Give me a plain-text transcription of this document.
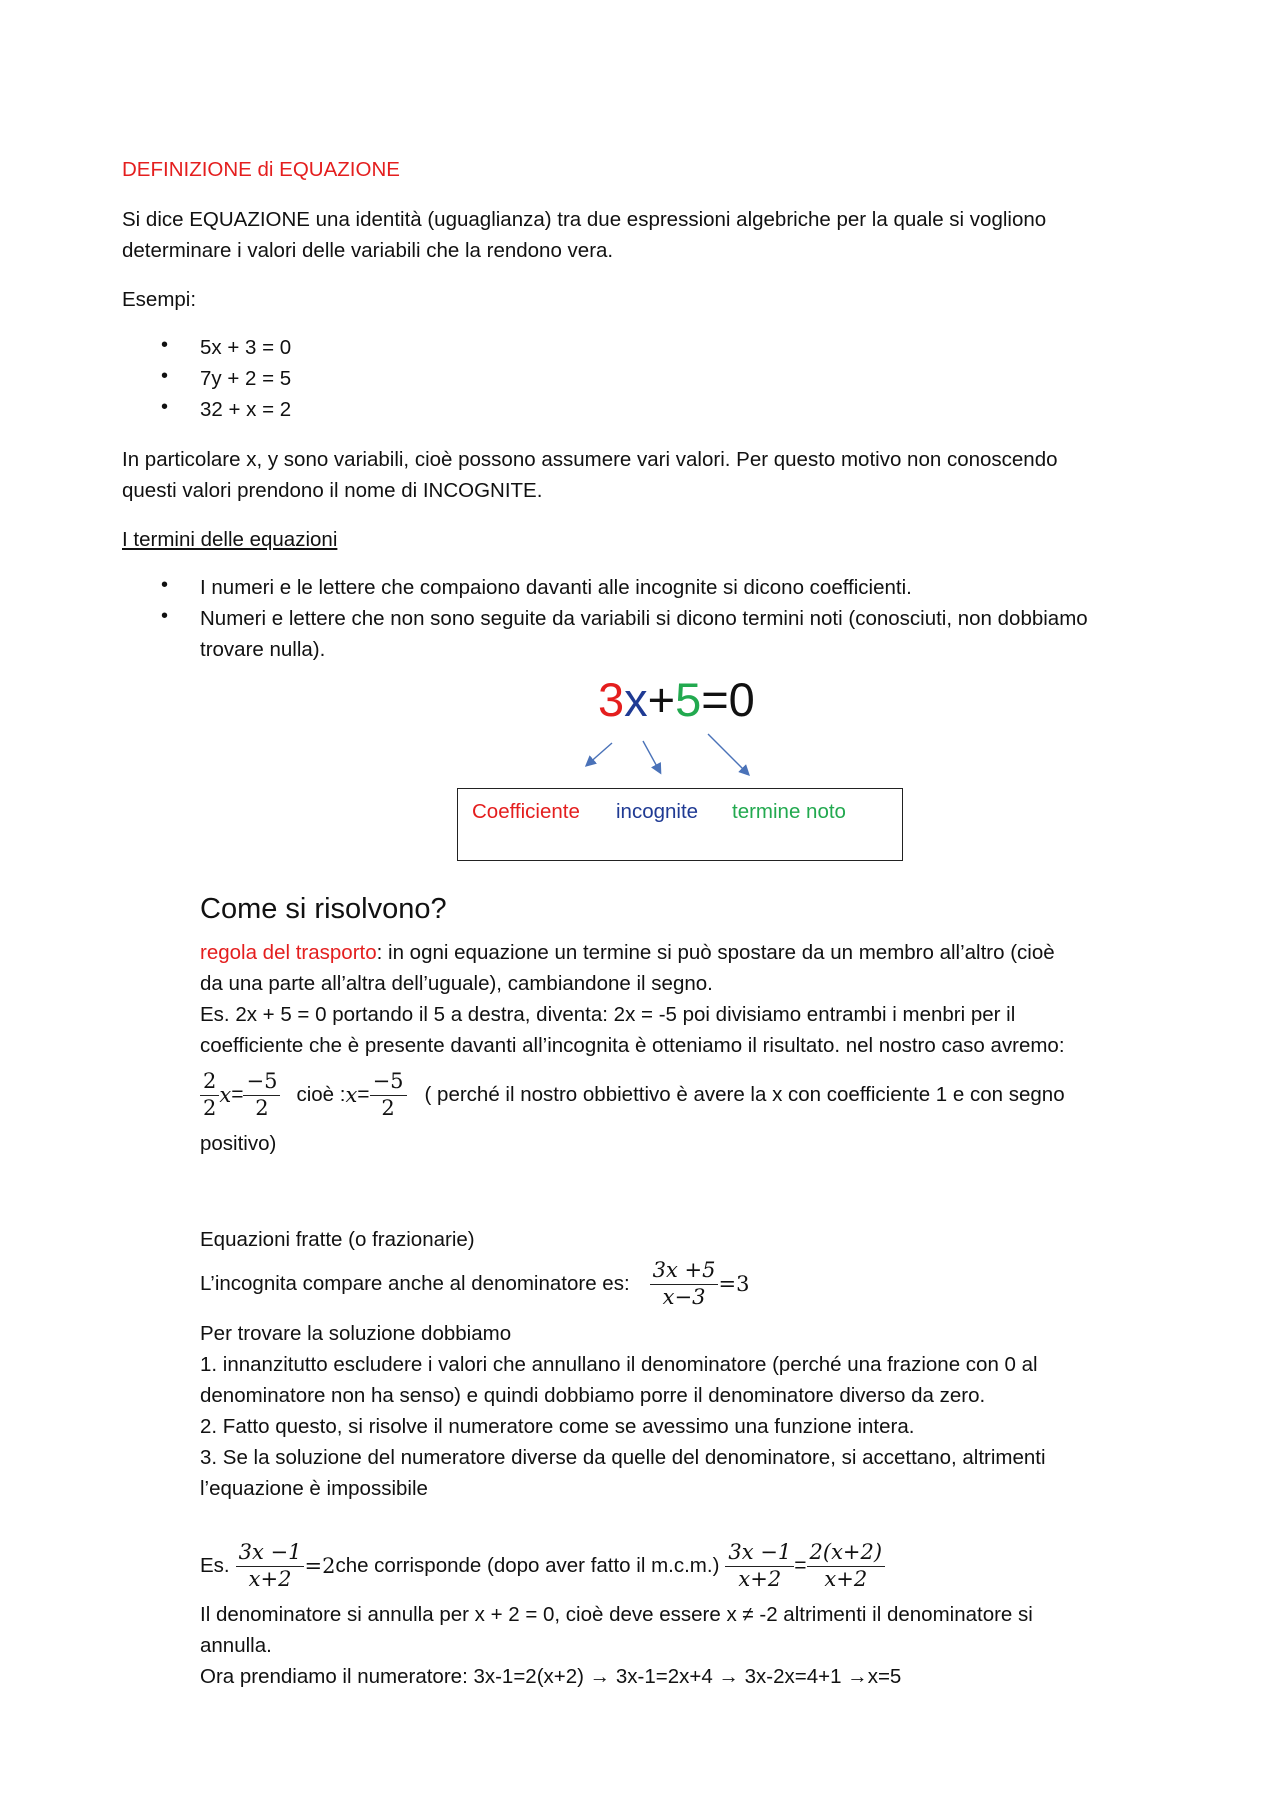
DEFINIZIONE di EQUAZIONE
Si dice EQUAZIONE una identità (uguaglianza) tra due espressioni algebriche per la quale si vogliono
determinare i valori delle variabili che la rendono vera.
Esempi:
• 5x + 3 = 0
• 7y + 2 = 5
• 32 + x = 2
In particolare x, y sono variabili, cioè possono assumere vari valori. Per questo motivo non conoscendo
questi valori prendono il nome di INCOGNITE.
I termini delle equazioni
• I numeri e le lettere che compaiono davanti alle incognite si dicono coefficienti.
• Numeri e lettere che non sono seguite da variabili si dicono termini noti (conosciuti, non dobbiamo
trovare nulla).
3x+5=0
Coefficiente incognite termine noto
Come si risolvono?
regola del trasporto: in ogni equazione un termine si può spostare da un membro all’altro (cioè
da una parte all’altra dell’uguale), cambiandone il segno.
Es. 2x + 5 = 0 portando il 5 a destra, diventa: 2x = -5 poi divisiamo entrambi i menbri per il
coefficiente che è presente davanti all’incognita è otteniamo il risultato. nel nostro caso avremo:
$\frac{2}{2}$ $x = \frac{-5}{2}$ cioè : $x = \frac{-5}{2}$ ( perché il nostro obbiettivo è avere la x con coefficiente 1 e con segno
positivo)
Equazioni fratte (o frazionarie)
L’incognita compare anche al denominatore es: $\frac{3x +5}{x-3} =3$
Per trovare la soluzione dobbiamo
1. innanzitutto escludere i valori che annullano il denominatore (perché una frazione con 0 al
denominatore non ha senso) e quindi dobbiamo porre il denominatore diverso da zero.
2. Fatto questo, si risolve il numeratore come se avessimo una funzione intera.
3. Se la soluzione del numeratore diverse da quelle del denominatore, si accettano, altrimenti
l’equazione è impossibile
Es. $\frac{3x -1}{x+2} =2$ che corrisponde (dopo aver fatto il $m.c.m.) \frac{3x -1}{x+2} = \frac{2(x+2)}{x+2}$
Il denominatore si annulla per x + 2 = 0, cioè deve essere x ≠ -2 altrimenti il denominatore si
annulla.
Ora prendiamo il numeratore: 3x-1=2(x+2) → 3x-1=2x+4 → 3x-2x=4+1 →x=5
